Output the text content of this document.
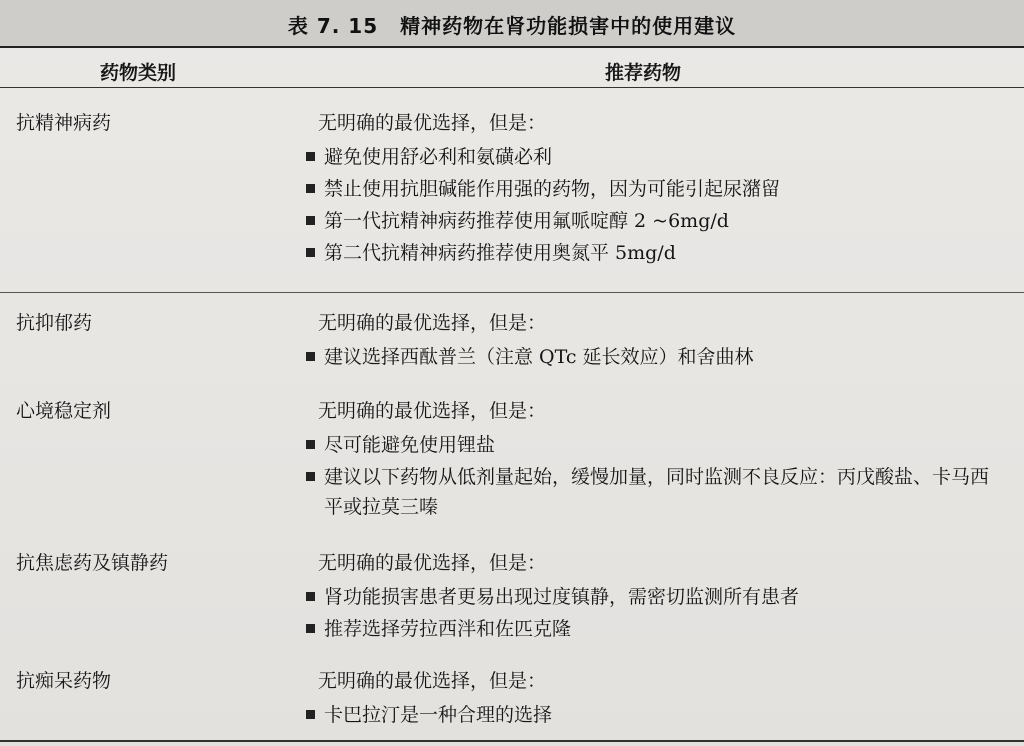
表 7. 15 精神药物在肾功能损害中的使用建议
药物类别	推荐药物
抗精神病药	无明确的最优选择，但是：
避免使用舒必利和氨磺必利
禁止使用抗胆碱能作用强的药物，因为可能引起尿潴留
第一代抗精神病药推荐使用氟哌啶醇 2 ~6mg/d
第二代抗精神病药推荐使用奥氮平 5mg/d
抗抑郁药	无明确的最优选择，但是：
建议选择西酞普兰（注意 QTc 延长效应）和舍曲林
心境稳定剂	无明确的最优选择，但是：
尽可能避免使用锂盐
建议以下药物从低剂量起始，缓慢加量，同时监测不良反应：丙戊酸盐、卡马西平或拉莫三嗪
抗焦虑药及镇静药	无明确的最优选择，但是：
肾功能损害患者更易出现过度镇静，需密切监测所有患者
推荐选择劳拉西泮和佐匹克隆
抗痴呆药物	无明确的最优选择，但是：
卡巴拉汀是一种合理的选择
